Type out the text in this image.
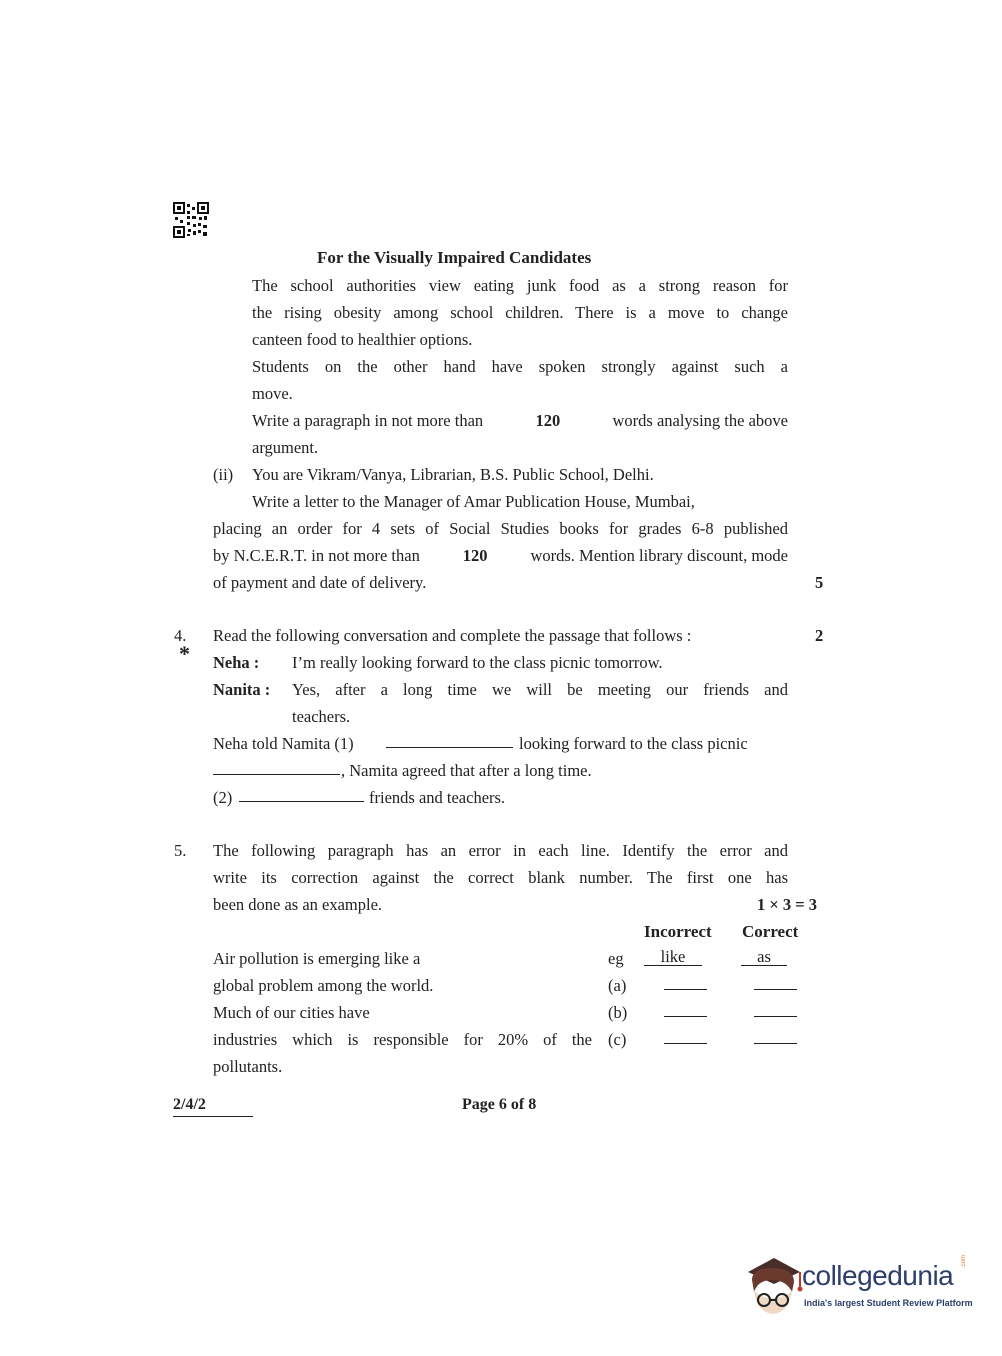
For the Visually Impaired Candidates
The school authorities view eating junk food as a strong reason for
the rising obesity among school children. There is a move to change
canteen food to healthier options.
Students on the other hand have spoken strongly against such a
move.
Write a paragraph in not more than	120	words analysing the above
argument.
(ii) You are Vikram/Vanya, Librarian, B.S. Public School, Delhi.
Write a letter to the Manager of Amar Publication House, Mumbai,
placing an order for 4 sets of Social Studies books for grades 6-8 published
by N.C.E.R.T. in not more than	120	words. Mention library discount, mode
of payment and date of delivery.	5
4.
*
Read the following conversation and complete the passage that follows :	2
Neha : I’m really looking forward to the class picnic tomorrow.
Nanita : Yes, after a long time we will be meeting our friends and
teachers.
Neha told Namita (1)	looking forward to the class picnic
, Namita agreed that after a long time.
(2)	friends and teachers.
5. The following paragraph has an error in each line. Identify the error and
write its correction against the correct blank number. The first one has
been done as an example.	1 × 3 = 3
Incorrect Correct
Air pollution is emerging like a	eg	like	as
global problem among the world.	(a)
Much of our cities have	(b)
industries which is responsible for 20% of the (c)
pollutants.
2/4/2	Page 6 of 8
collegedunia .com
India's largest Student Review Platform
